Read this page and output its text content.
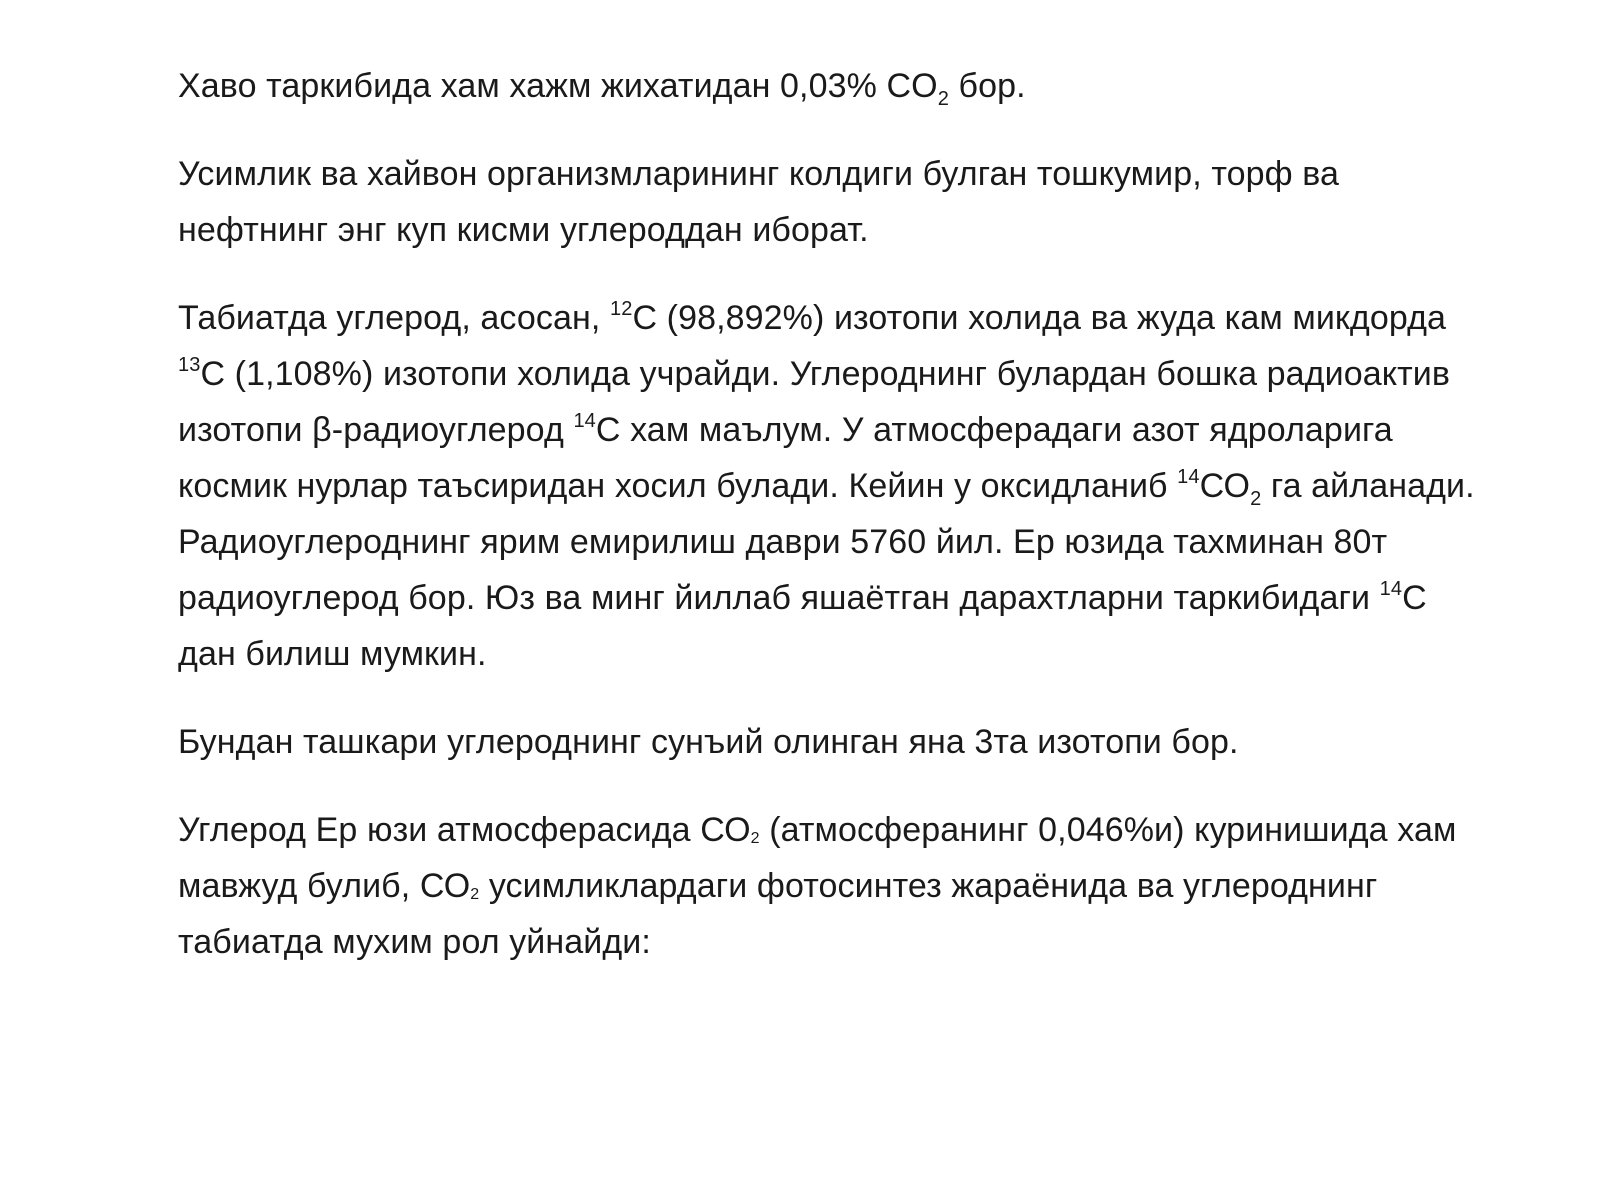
Хаво таркибида хам хажм жихатидан 0,03% $CO_2$ бор.

Усимлик ва хайвон организмларининг колдиги булган тошкумир, торф ва нефтнинг энг куп кисми углероддан иборат.

Табиатда углерод, асосан, $^{12}$С (98,892%) изотопи холида ва жуда кам микдорда $^{13}$С (1,108%) изотопи холида учрайди. Углероднинг булардан бошка радиоактив изотопи β-радиоуглерод $^{14}$С хам маълум. У атмосферадаги азот ядроларига космик нурлар таъсиридан хосил булади. Кейин у оксидланиб $^{14}СО_2$ га айланади. Радиоуглероднинг ярим емирилиш даври 5760 йил. Ер юзида тахминан 80т радиоуглерод бор. Юз ва минг йиллаб яшаётган дарахтларни таркибидаги $^{14}$С дан билиш мумкин.

Бундан ташкари углероднинг сунъий олинган яна 3та изотопи бор.

Углерод Ер юзи атмосферасида $СО_2$ (атмосферанинг 0,046%и) куринишида хам мавжуд булиб, $СО_2$ усимликлардаги фотосинтез жараёнида ва углероднинг табиатда мухим рол уйнайди:
